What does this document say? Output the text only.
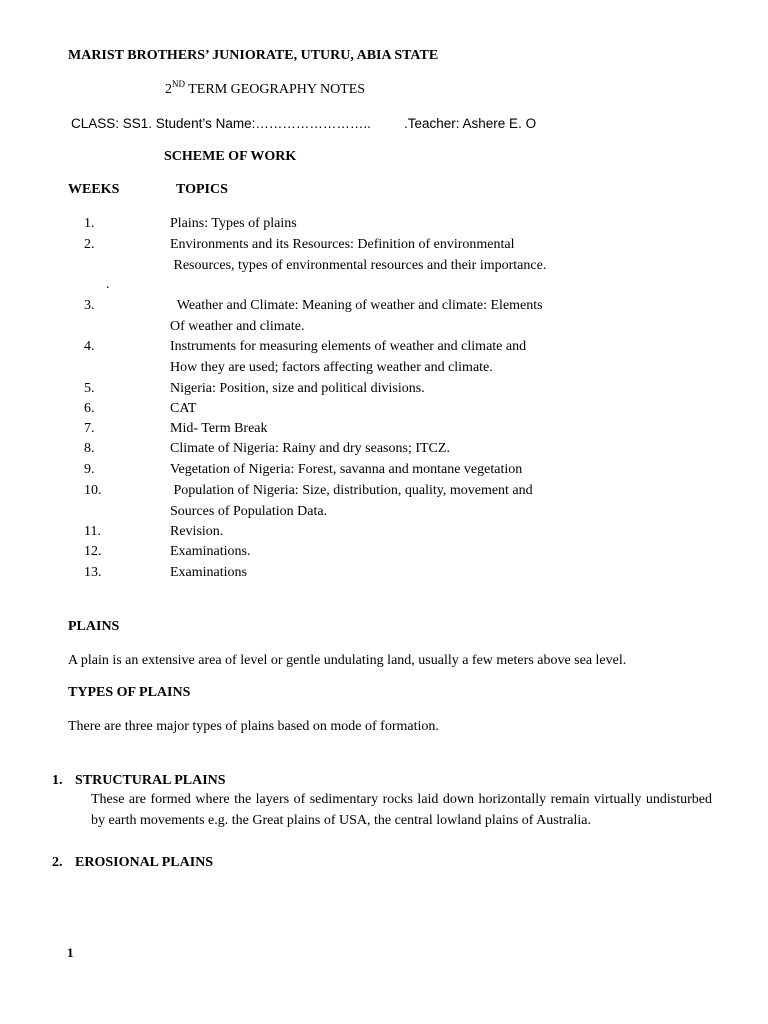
MARIST BROTHERS’ JUNIORATE, UTURU, ABIA STATE
2ND TERM GEOGRAPHY NOTES
CLASS: SS1. Student’s Name:…………………….. .Teacher: Ashere E. O
SCHEME OF WORK
WEEKS	TOPICS
1.	Plains: Types of plains
2.	Environments and its Resources: Definition of environmental
Resources, types of environmental resources and their importance.
3.	Weather and Climate: Meaning of weather and climate: Elements
Of weather and climate.
4.	Instruments for measuring elements of weather and climate and
How they are used; factors affecting weather and climate.
5.	Nigeria: Position, size and political divisions.
6.	CAT
7.	Mid- Term Break
8.	Climate of Nigeria: Rainy and dry seasons; ITCZ.
9.	Vegetation of Nigeria: Forest, savanna and montane vegetation
10.	Population of Nigeria: Size, distribution, quality, movement and
Sources of Population Data.
11.	Revision.
12.	Examinations.
13.	Examinations
.
PLAINS
A plain is an extensive area of level or gentle undulating land, usually a few meters above sea level.
TYPES OF PLAINS
There are three major types of plains based on mode of formation.
1. STRUCTURAL PLAINS
These are formed where the layers of sedimentary rocks laid down horizontally remain virtually undisturbed by earth movements e.g. the Great plains of USA, the central lowland plains of Australia.
2. EROSIONAL PLAINS
1
